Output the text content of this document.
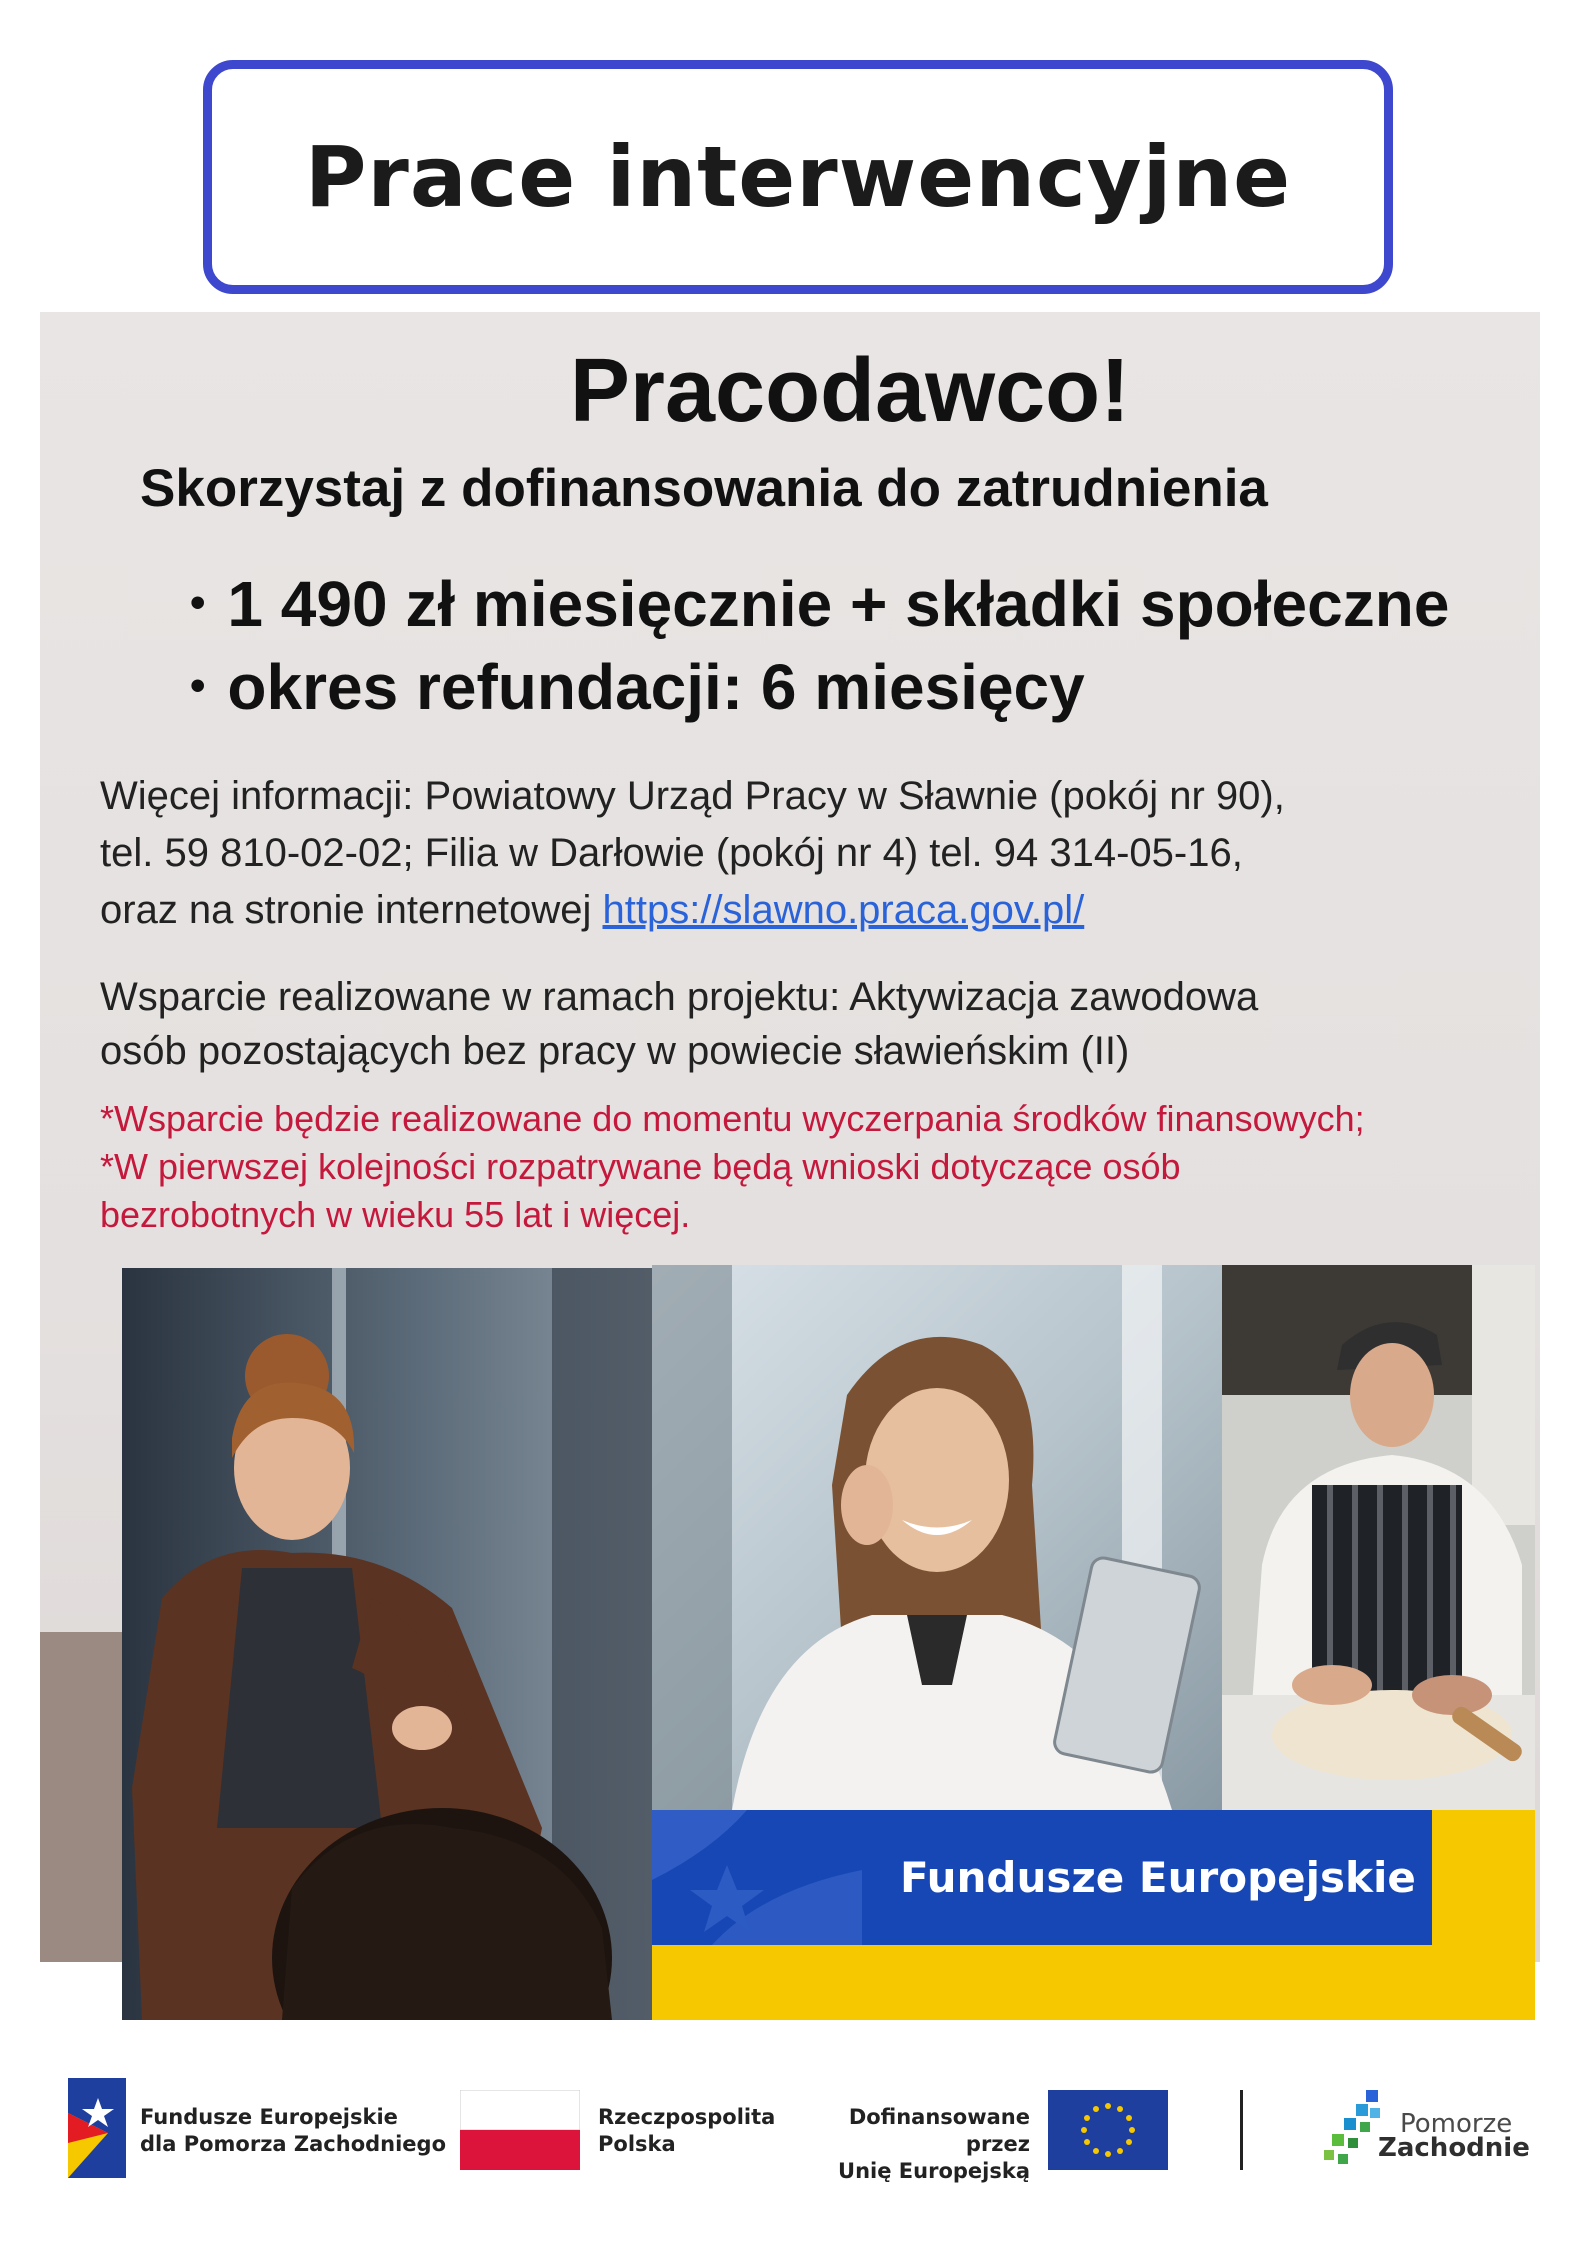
Prace interwencyjne
Pracodawco!
Skorzystaj z dofinansowania do zatrudnienia
• 1 490 zł miesięcznie + składki społeczne
• okres refundacji: 6 miesięcy
Więcej informacji: Powiatowy Urząd Pracy w Sławnie (pokój nr 90),
tel. 59 810-02-02; Filia w Darłowie (pokój nr 4) tel. 94 314-05-16,
oraz na stronie internetowej https://slawno.praca.gov.pl/
Wsparcie realizowane w ramach projektu: Aktywizacja zawodowa
osób pozostających bez pracy w powiecie sławieńskim (II)
*Wsparcie będzie realizowane do momentu wyczerpania środków finansowych;
*W pierwszej kolejności rozpatrywane będą wnioski dotyczące osób
bezrobotnych w wieku 55 lat i więcej.
Fundusze Europejskie
Fundusze Europejskie
dla Pomorza Zachodniego
Rzeczpospolita
Polska
Dofinansowane przez
Unię Europejską
Pomorze
Zachodnie
